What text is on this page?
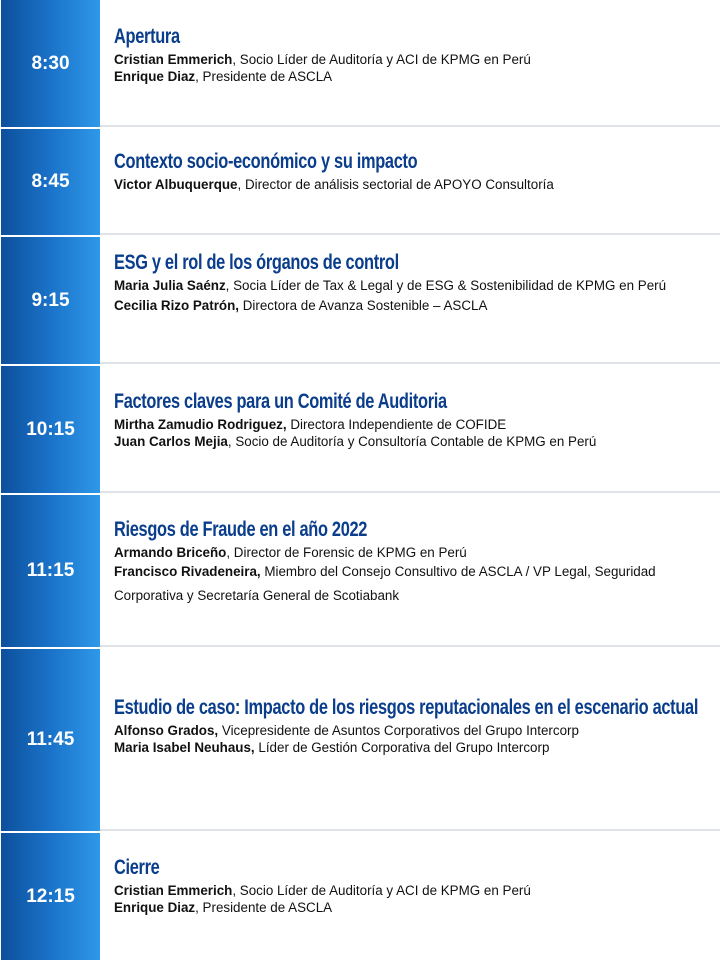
8:30
Apertura
Cristian Emmerich, Socio Líder de Auditoría y ACI de KPMG en Perú
Enrique Diaz, Presidente de ASCLA
8:45
Contexto socio-económico y su impacto
Victor Albuquerque, Director de análisis sectorial de APOYO Consultoría
9:15
ESG y el rol de los órganos de control
Maria Julia Saénz, Socia Líder de Tax & Legal y de ESG & Sostenibilidad de KPMG en Perú
Cecilia Rizo Patrón, Directora de Avanza Sostenible – ASCLA
10:15
Factores claves para un Comité de Auditoria
Mirtha Zamudio Rodriguez, Directora Independiente de COFIDE
Juan Carlos Mejia, Socio de Auditoría y Consultoría Contable de KPMG en Perú
11:15
Riesgos de Fraude en el año 2022
Armando Briceño, Director de Forensic de KPMG en Perú
Francisco Rivadeneira, Miembro del Consejo Consultivo de ASCLA / VP Legal, Seguridad Corporativa y Secretaría General de Scotiabank
11:45
Estudio de caso: Impacto de los riesgos reputacionales en el escenario actual
Alfonso Grados, Vicepresidente de Asuntos Corporativos del Grupo Intercorp
Maria Isabel Neuhaus, Líder de Gestión Corporativa del Grupo Intercorp
12:15
Cierre
Cristian Emmerich, Socio Líder de Auditoría y ACI de KPMG en Perú
Enrique Diaz, Presidente de ASCLA
